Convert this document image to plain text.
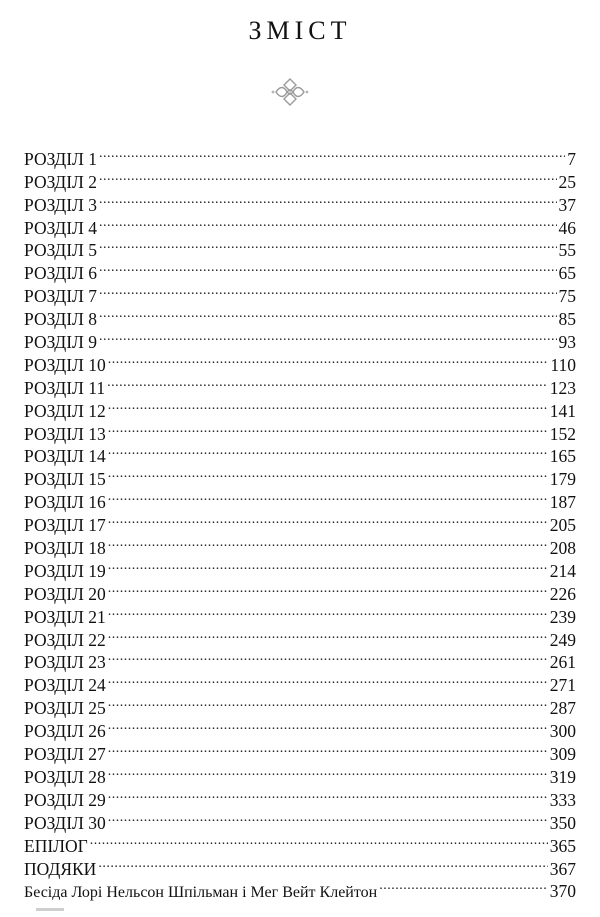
ЗМІСТ
РОЗДІЛ 1 .....	7
РОЗДІЛ 2 .....	25
РОЗДІЛ 3 .....	37
РОЗДІЛ 4 .....	46
РОЗДІЛ 5 .....	55
РОЗДІЛ 6 .....	65
РОЗДІЛ 7 .....	75
РОЗДІЛ 8 .....	85
РОЗДІЛ 9 .....	93
РОЗДІЛ 10 .....	110
РОЗДІЛ 11 .....	123
РОЗДІЛ 12 .....	141
РОЗДІЛ 13 .....	152
РОЗДІЛ 14 .....	165
РОЗДІЛ 15 .....	179
РОЗДІЛ 16 .....	187
РОЗДІЛ 17 .....	205
РОЗДІЛ 18 .....	208
РОЗДІЛ 19 .....	214
РОЗДІЛ 20 .....	226
РОЗДІЛ 21 .....	239
РОЗДІЛ 22 .....	249
РОЗДІЛ 23 .....	261
РОЗДІЛ 24 .....	271
РОЗДІЛ 25 .....	287
РОЗДІЛ 26 .....	300
РОЗДІЛ 27 .....	309
РОЗДІЛ 28 .....	319
РОЗДІЛ 29 .....	333
РОЗДІЛ 30 .....	350
ЕПІЛОГ .....	365
ПОДЯКИ .....	367
Бесіда Лорі Нельсон Шпільман і Мег Вейт Клейтон .....	370
